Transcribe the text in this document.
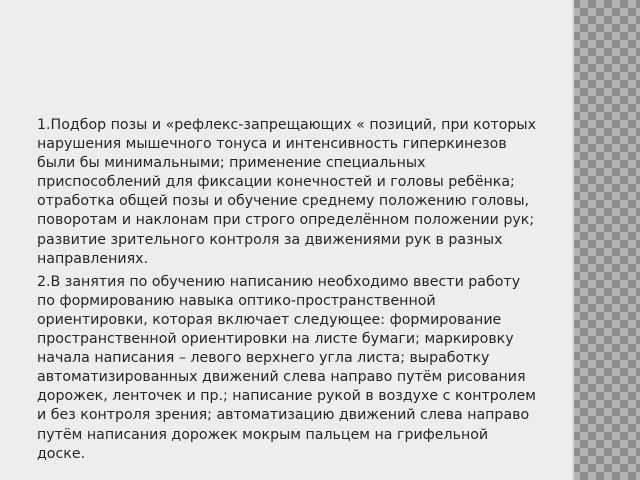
1.Подбор позы и «рефлекс-запрещающих « позиций, при которых нарушения мышечного тонуса и интенсивность гиперкинезов были бы минимальными; применение специальных приспособлений для фиксации конечностей и головы ребёнка; отработка общей позы и обучение среднему положению головы, поворотам и наклонам при строго определённом положении рук; развитие зрительного контроля за движениями рук в разных направлениях.

2.В занятия по обучению написанию необходимо ввести работу по формированию навыка оптико-пространственной ориентировки, которая включает следующее: формирование пространственной ориентировки на листе бумаги; маркировку начала написания – левого верхнего угла листа; выработку автоматизированных движений слева направо путём рисования дорожек, ленточек и пр.; написание рукой в воздухе с контролем и без контроля зрения; автоматизацию движений слева направо путём написания дорожек мокрым пальцем на грифельной доске.
